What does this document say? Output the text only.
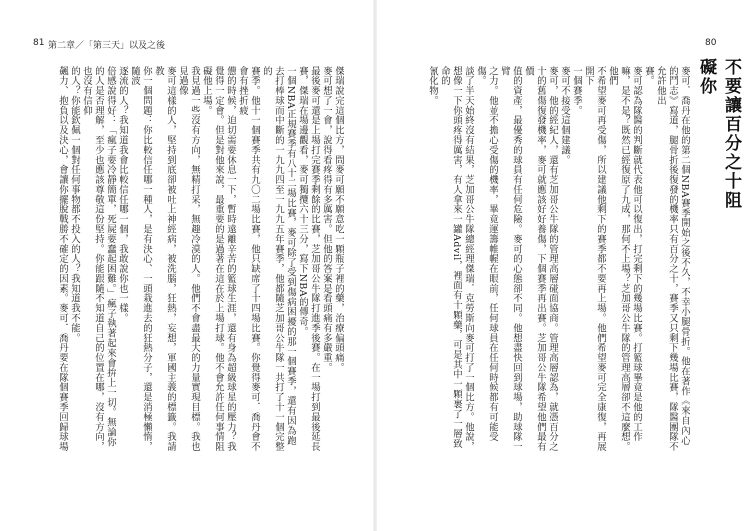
81 第二章／「第三天」以及之後	80
不要讓百分之十阻礙你
麥可．喬丹在他的第二個NBA賽季開始之後不久，不幸小腿骨折。他在著作《來自內心
的鬥志》寫道，腿骨折後復發的機率只有百分之十，賽季又只剩下幾場比賽，隊醫團隊不允許他出
賽。
麥可認為隊醫的判斷就代表他可以復出，打完剩下的幾場比賽。打籃球畢竟是他的工作
嘛，是不是？既然已經復原了九成，那何不上場？芝加哥公牛隊的管理高層卻不這麼想。他們
不希望麥可再受傷，所以建議他剩下的賽季都不要再上場。他們希望麥可完全康復，再展開下
一個賽季。
麥可不接受這個建議。
麥可，他的經紀人，還有芝加哥公牛隊的管理高層碰面協商。管理高層認為，就憑百分之
十的舊傷復發機率，麥可就應該好好養傷，下個賽季再出賽。芝加哥公牛隊希望他們最有價
值的資產，最優秀的球員有任何危險。麥可的心態卻不同。他想盡快回到球場，助球隊一臂
之力。他並不擔心受傷的機率，畢竟運籌帷幄在眼前，任何球員在任何時候都有可能受傷。
談了半天始終沒有結果，芝加哥公牛隊總經理傑瑞．克勞斯向麥可打了一個比方。他說，
想像一下你頭疼得厲害，有人拿來一罐Advil，裡面有十顆藥，可是其中一顆裹了一層致命的
氰化物。
傑瑞說完這個比方，問麥可願不願意吃一顆瓶子裡的藥，治療偏頭痛。
麥可想了一會，說得看疼得有多厲害。但他的答案是看頭痛有多嚴重。
最後麥可還是上場打完賽季剩餘的比賽，芝加哥公牛隊打進季後賽。在一場打到最後延長
賽，傑瑞在場邊觀看，麥可獨攬六十三分，寫下NBA的傳奇。
一個NBA正規賽季有八十二場比賽，麥可除了受到傷病困擾的那一個賽季，還有因為跑
去打棒球而中斷的一九九四至一九九五年賽季，他都隨芝加哥公牛隊一共打了十一個完整的
賽季。他十一個賽季共有九〇二場比賽，他只缺席了十四場比賽。你覺得麥可．喬丹會不會有挫折疲
憊的時候，迫切需要休息一下，暫時遠離辛苦的籃球生涯，還有身為超級球星的壓力？我
覺得一定會。但是對他來說，最重要的是過著在這在於上場打球。他不會允許任何事情阻礙他上場。
我見過一些沒有方向，無精打采，無趣冷漠的人。他們不會盡最大的力量實現目標。我也見過像
麥可這樣的人，堅持到底卻被吐上神經病，被洗腦，狂熱，妄想，軍國主義的標籤。我請教
你一個問題：你比較信任哪一種人，是有決心、一頭栽進去的狂熱分子，還是消極懶惰，隨波
逐流的人？我知道我會比較信任哪一個，我敢說你也一樣。
倍感說得好：「瘋子要冷靜簡單，死屍要蠢起困難。」瘋子執著起來會拚上一切。無論你
的人是否理解，至少也應該尊敬這份堅持。你能跟隨不知道自己的位置在哪，沒有方向，也沒有信仰
的人？你能欽佩一個對任何事物都不投入的人？我知道我不能。
飆力、抱負以及決心，會讓你擺脫戰勝不確定的因素。麥可．喬丹要在隊個賽季回歸球場
